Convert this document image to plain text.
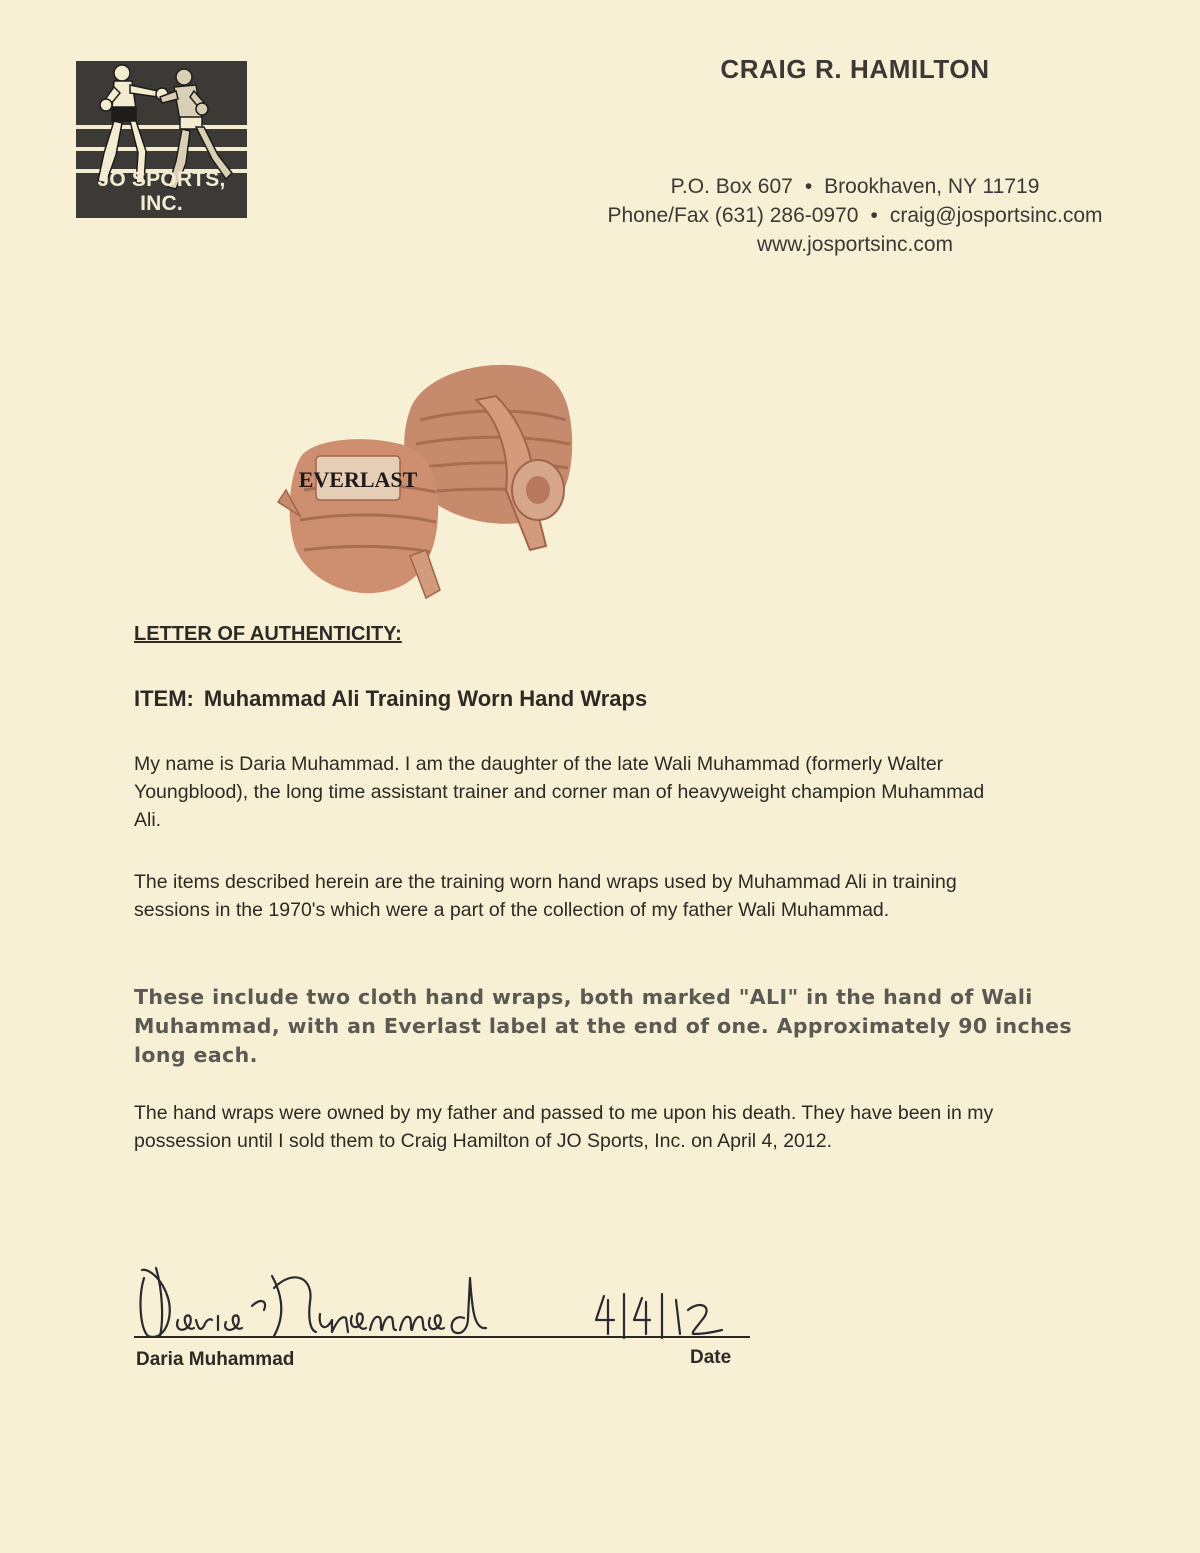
JO SPORTS, INC.
CRAIG R. HAMILTON
P.O. Box 607 • Brookhaven, NY 11719
Phone/Fax (631) 286-0970 • craig@josportsinc.com
www.josportsinc.com
EVERLAST
LETTER OF AUTHENTICITY:
ITEM: Muhammad Ali Training Worn Hand Wraps
My name is Daria Muhammad. I am the daughter of the late Wali Muhammad (formerly Walter Youngblood), the long time assistant trainer and corner man of heavyweight champion Muhammad Ali.
The items described herein are the training worn hand wraps used by Muhammad Ali in training sessions in the 1970's which were a part of the collection of my father Wali Muhammad.
These include two cloth hand wraps, both marked "ALI" in the hand of Wali Muhammad, with an Everlast label at the end of one. Approximately 90 inches long each.
The hand wraps were owned by my father and passed to me upon his death. They have been in my possession until I sold them to Craig Hamilton of JO Sports, Inc. on April 4, 2012.
Daria Muhammad	Date
